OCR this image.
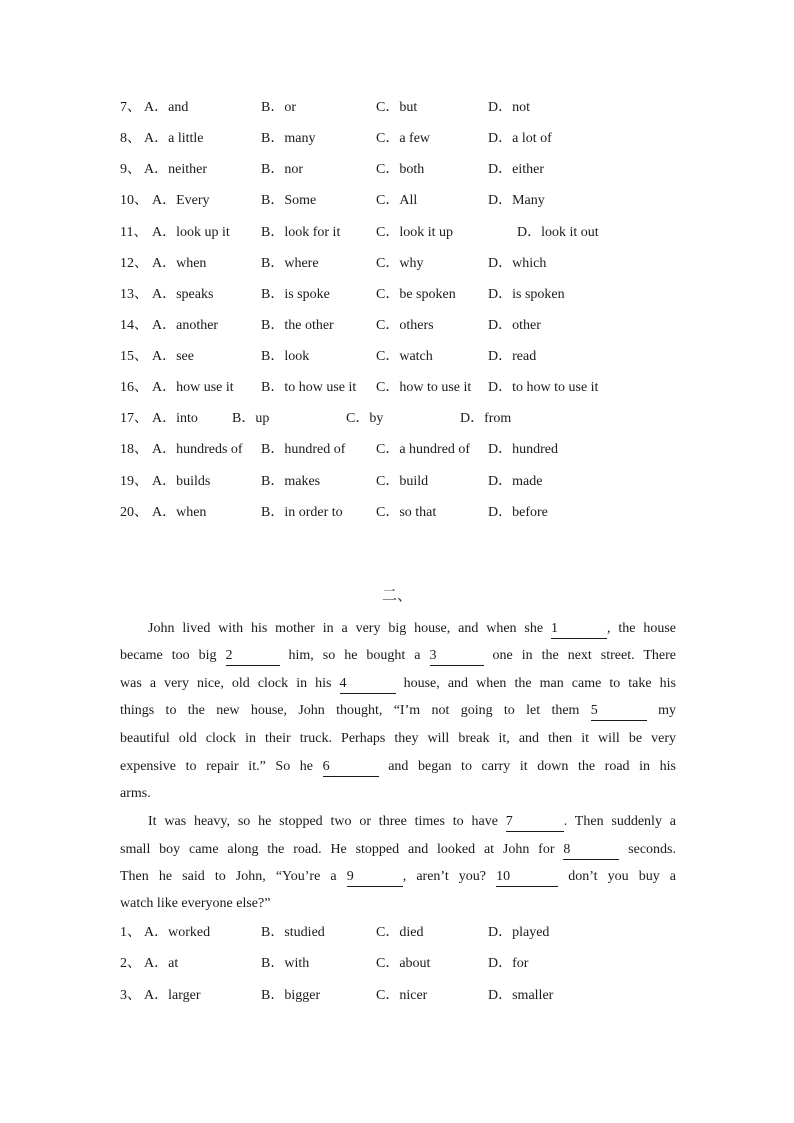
7、 A．and	B．or	C．but	D．not
8、 A．a little	B．many	C．a few	D．a lot of
9、 A．neither	B．nor	C．both	D．either
10、 A．Every	B．Some	C．All	D．Many
11、 A．look up it B．look for it	C．look it up	D．look it out
12、 A．when	B．where	C．why	D．which
13、 A．speaks	B．is spoke	C．be spoken D．is spoken
14、 A．another	B．the other	C．others	D．other
15、 A．see	B．look	C．watch	D．read
16、 A．how use it B．to how use it C．how to use it D．to how to use it
17、 A．into B．up	C．by	D．from
18、 A．hundreds of B．hundred of C．a hundred of D．hundred
19、 A．builds	B．makes	C．build	D．made
20、 A．when	B．in order to C．so that	D．before
二、
John lived with his mother in a very big house, and when she 1	, the house
became too big 2	him, so he bought a 3	one in the next street. There
was a very nice, old clock in his 4	house, and when the man came to take his
things to the new house, John thought, “I’m not going to let them 5	my
beautiful old clock in their truck. Perhaps they will break it, and then it will be very
expensive to repair it.” So he 6	and began to carry it down the road in his
arms.
It was heavy, so he stopped two or three times to have 7	. Then suddenly a
small boy came along the road. He stopped and looked at John for 8	seconds.
Then he said to John, “You’re a 9	, aren’t you? 10	don’t you buy a
watch like everyone else?”
1、 A．worked	B．studied	C．died	D．played
2、 A．at	B．with	C．about	D．for
3、 A．larger	B．bigger	C．nicer	D．smaller
